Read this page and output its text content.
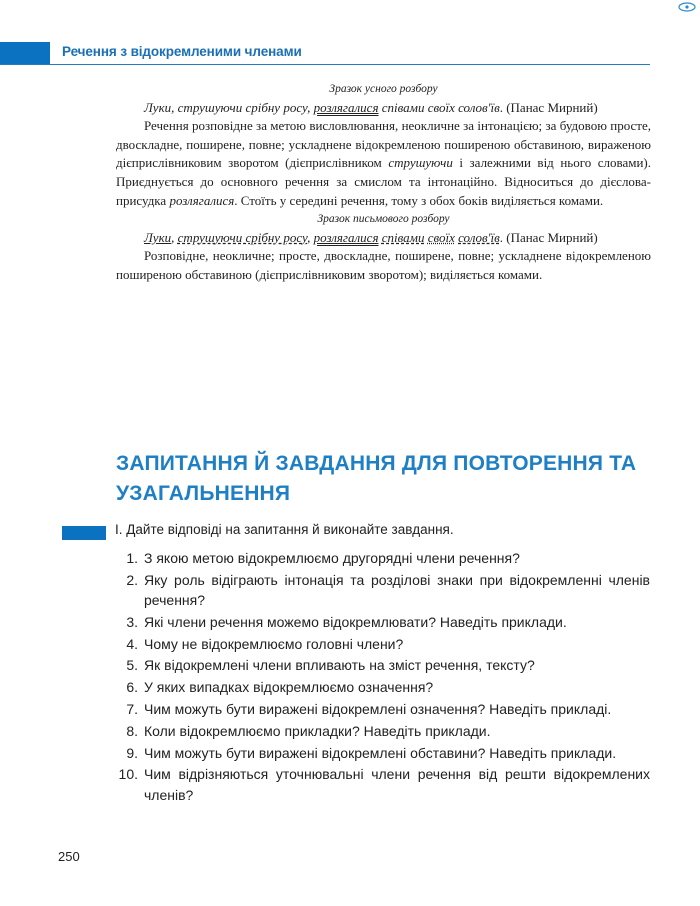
Речення з відокремленими членами

Зразок усного розбору

Луки, струшуючи срібну росу, розлягалися співами своїх солов'їв. (Панас Мирний)

Речення розповідне за метою висловлювання, неокличне за інтонацією; за будовою просте, двоскладне, поширене, повне; ускладнене відокремленою поширеною обставиною, вираженою дієприслівниковим зворотом (дієприслівником струшуючи і залежними від нього словами). Приєднується до основного речення за смислом та інтонаційно. Відноситься до дієслова-присудка розлягалися. Стоїть у середині речення, тому з обох боків виділяється комами.

Зразок письмового розбору

Луки, струшуючи срібну росу, розлягалися співами своїх солов'їв. (Панас Мирний)

Розповідне, неокличне; просте, двоскладне, поширене, повне; ускладнене відокремленою поширеною обставиною (дієприслівниковим зворотом); виділяється комами.

ЗАПИТАННЯ Й ЗАВДАННЯ ДЛЯ ПОВТОРЕННЯ ТА УЗАГАЛЬНЕННЯ
І. Дайте відповіді на запитання й виконайте завдання.
1. З якою метою відокремлюємо другорядні члени речення?
2. Яку роль відіграють інтонація та розділові знаки при відокремленні членів речення?
3. Які члени речення можемо відокремлювати? Наведіть приклади.
4. Чому не відокремлюємо головні члени?
5. Як відокремлені члени впливають на зміст речення, тексту?
6. У яких випадках відокремлюємо означення?
7. Чим можуть бути виражені відокремлені означення? Наведіть прикладі.
8. Коли відокремлюємо прикладки? Наведіть приклади.
9. Чим можуть бути виражені відокремлені обставини? Наведіть приклади.
10. Чим відрізняються уточнювальні члени речення від решти відокремлених членів?
250
